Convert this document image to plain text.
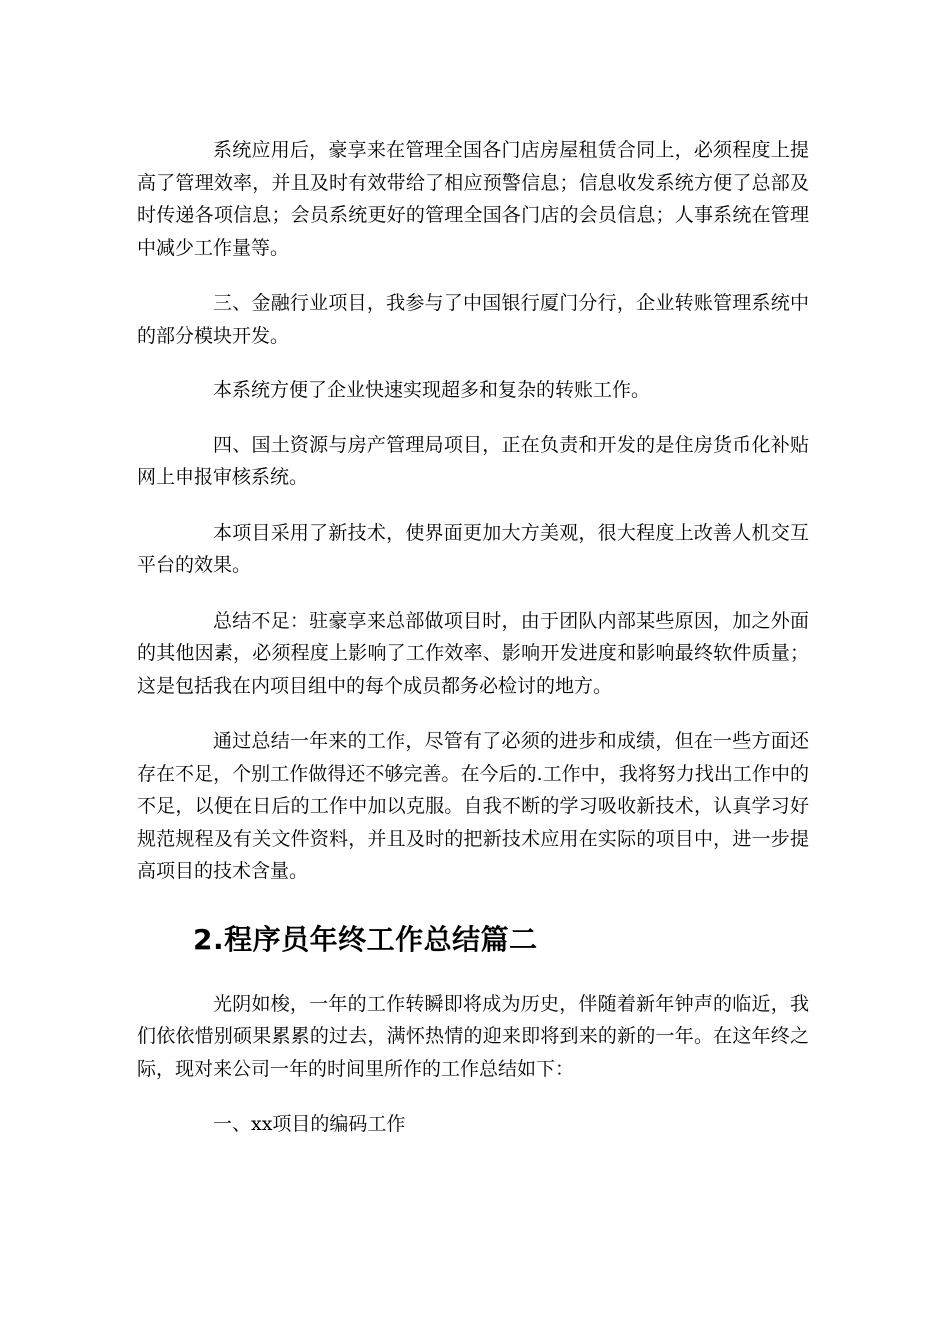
系统应用后，豪享来在管理全国各门店房屋租赁合同上，必须程度上提高了管理效率，并且及时有效带给了相应预警信息；信息收发系统方便了总部及时传递各项信息；会员系统更好的管理全国各门店的会员信息；人事系统在管理中减少工作量等。

三、金融行业项目，我参与了中国银行厦门分行，企业转账管理系统中的部分模块开发。

本系统方便了企业快速实现超多和复杂的转账工作。

四、国土资源与房产管理局项目，正在负责和开发的是住房货币化补贴网上申报审核系统。

本项目采用了新技术，使界面更加大方美观，很大程度上改善人机交互平台的效果。

总结不足：驻豪享来总部做项目时，由于团队内部某些原因，加之外面的其他因素，必须程度上影响了工作效率、影响开发进度和影响最终软件质量；这是包括我在内项目组中的每个成员都务必检讨的地方。

通过总结一年来的工作，尽管有了必须的进步和成绩，但在一些方面还存在不足，个别工作做得还不够完善。在今后的.工作中，我将努力找出工作中的不足，以便在日后的工作中加以克服。自我不断的学习吸收新技术，认真学习好规范规程及有关文件资料，并且及时的把新技术应用在实际的项目中，进一步提高项目的技术含量。

2.程序员年终工作总结篇二

光阴如梭，一年的工作转瞬即将成为历史，伴随着新年钟声的临近，我们依依惜别硕果累累的过去，满怀热情的迎来即将到来的新的一年。在这年终之际，现对来公司一年的时间里所作的工作总结如下：

一、xx项目的编码工作
